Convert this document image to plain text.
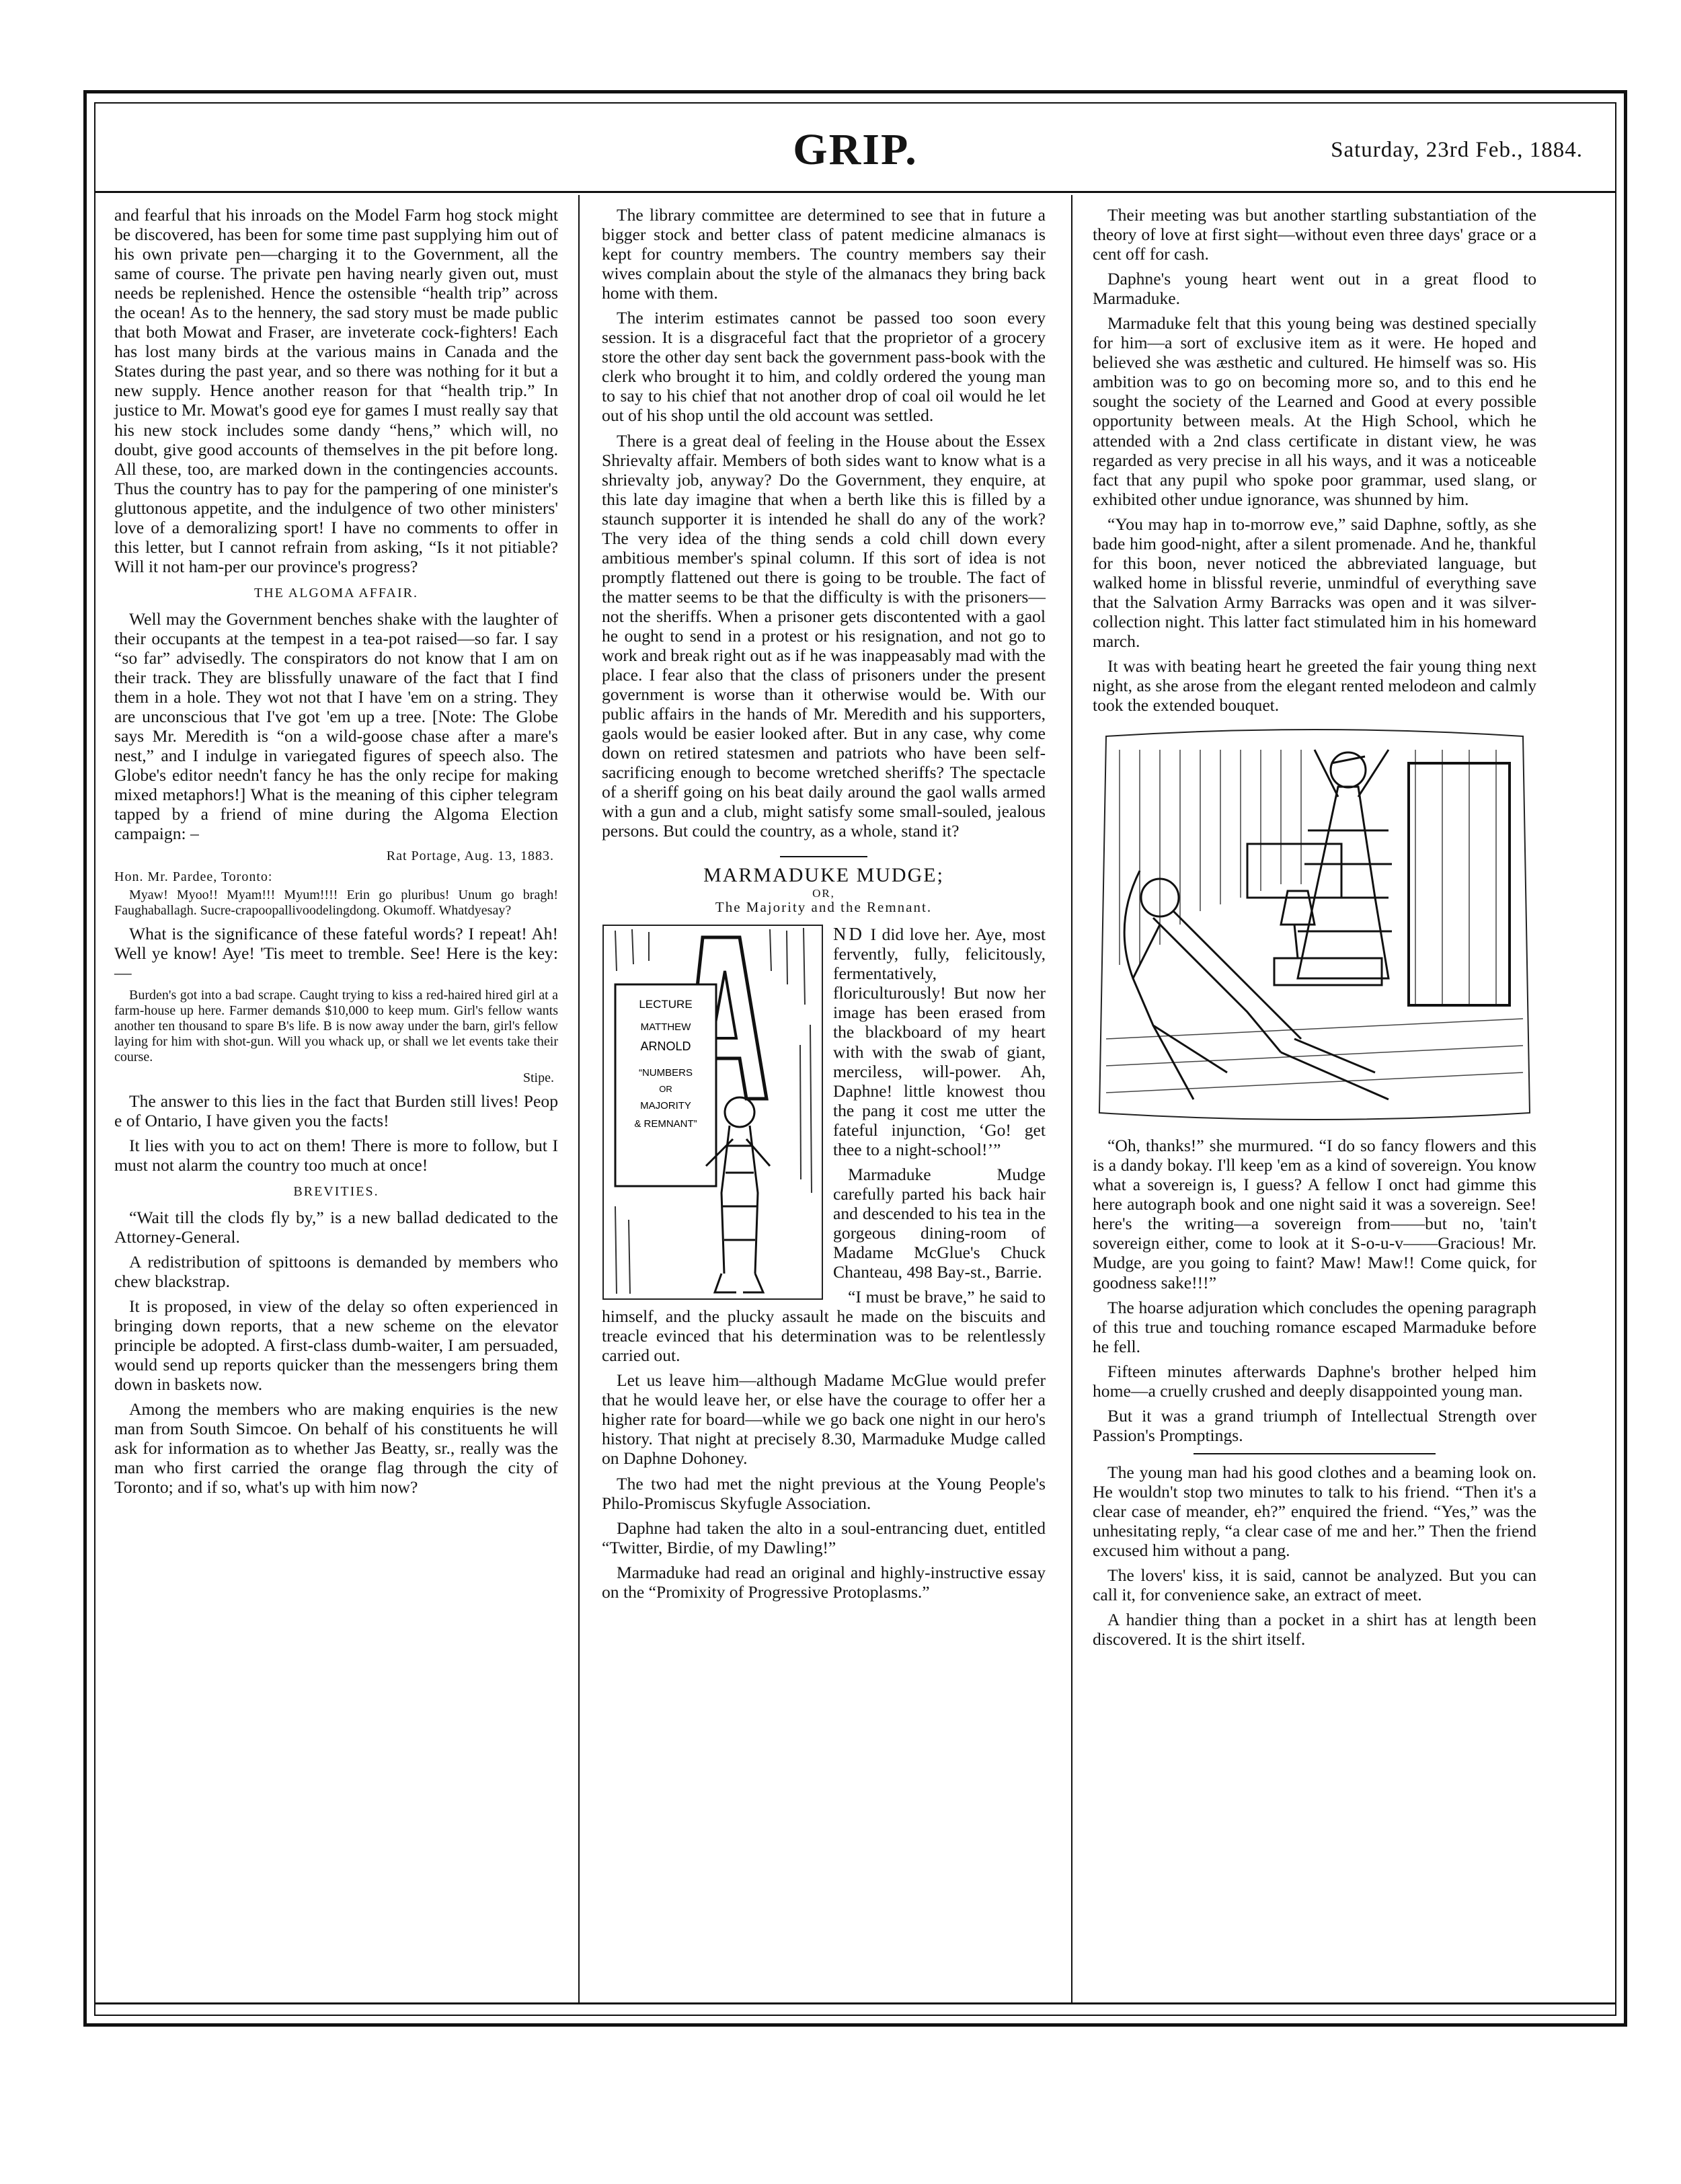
GRIP.	Saturday, 23rd Feb., 1884.

and fearful that his inroads on the Model Farm hog stock might be discovered, has been for some time past supplying him out of his own private pen—charging it to the Government, all the same of course. The private pen having nearly given out, must needs be replenished. Hence the ostensible “health trip” across the ocean! As to the hennery, the sad story must be made public that both Mowat and Fraser, are inveterate cock-fighters! Each has lost many birds at the various mains in Canada and the States during the past year, and so there was nothing for it but a new supply. Hence another reason for that “health trip.” In justice to Mr. Mowat's good eye for games I must really say that his new stock includes some dandy “hens,” which will, no doubt, give good accounts of themselves in the pit before long. All these, too, are marked down in the contingencies accounts. Thus the country has to pay for the pampering of one minister's gluttonous appetite, and the indulgence of two other ministers' love of a demoralizing sport! I have no comments to offer in this letter, but I cannot refrain from asking, “Is it not pitiable? Will it not ham-per our province's progress?

THE ALGOMA AFFAIR.

Well may the Government benches shake with the laughter of their occupants at the tempest in a tea-pot raised—so far. I say “so far” advisedly. The conspirators do not know that I am on their track. They are blissfully unaware of the fact that I find them in a hole. They wot not that I have 'em on a string. They are unconscious that I've got 'em up a tree. [Note: The Globe says Mr. Meredith is “on a wild-goose chase after a mare's nest,” and I indulge in variegated figures of speech also. The Globe's editor needn't fancy he has the only recipe for making mixed metaphors!] What is the meaning of this cipher telegram tapped by a friend of mine during the Algoma Election campaign: –

Rat Portage, Aug. 13, 1883.
Hon. Mr. Pardee, Toronto:

Myaw! Myoo!! Myam!!! Myum!!!! Erin go pluribus! Unum go bragh! Faughaballagh. Sucre-crapoopallivoodelingdong. Okumoff. Whatdyesay?

What is the significance of these fateful words? I repeat! Ah! Well ye know! Aye! 'Tis meet to tremble. See! Here is the key:—

Burden's got into a bad scrape. Caught trying to kiss a red-haired hired girl at a farm-house up here. Farmer demands $10,000 to keep mum. Girl's fellow wants another ten thousand to spare B's life. B is now away under the barn, girl's fellow laying for him with shot-gun. Will you whack up, or shall we let events take their course.

Stipe.

The answer to this lies in the fact that Burden still lives! Peop e of Ontario, I have given you the facts!

It lies with you to act on them! There is more to follow, but I must not alarm the country too much at once!

BREVITIES.

“Wait till the clods fly by,” is a new ballad dedicated to the Attorney-General.

A redistribution of spittoons is demanded by members who chew blackstrap.

It is proposed, in view of the delay so often experienced in bringing down reports, that a new scheme on the elevator principle be adopted. A first-class dumb-waiter, I am persuaded, would send up reports quicker than the messengers bring them down in baskets now.

Among the members who are making enquiries is the new man from South Simcoe. On behalf of his constituents he will ask for information as to whether Jas Beatty, sr., really was the man who first carried the orange flag through the city of Toronto; and if so, what's up with him now?

The library committee are determined to see that in future a bigger stock and better class of patent medicine almanacs is kept for country members. The country members say their wives complain about the style of the almanacs they bring back home with them.

The interim estimates cannot be passed too soon every session. It is a disgraceful fact that the proprietor of a grocery store the other day sent back the government pass-book with the clerk who brought it to him, and coldly ordered the young man to say to his chief that not another drop of coal oil would he let out of his shop until the old account was settled.

There is a great deal of feeling in the House about the Essex Shrievalty affair. Members of both sides want to know what is a shrievalty job, anyway? Do the Government, they enquire, at this late day imagine that when a berth like this is filled by a staunch supporter it is intended he shall do any of the work? The very idea of the thing sends a cold chill down every ambitious member's spinal column. If this sort of idea is not promptly flattened out there is going to be trouble. The fact of the matter seems to be that the difficulty is with the prisoners—not the sheriffs. When a prisoner gets discontented with a gaol he ought to send in a protest or his resignation, and not go to work and break right out as if he was inappeasably mad with the place. I fear also that the class of prisoners under the present government is worse than it otherwise would be. With our public affairs in the hands of Mr. Meredith and his supporters, gaols would be easier looked after. But in any case, why come down on retired statesmen and patriots who have been self-sacrificing enough to become wretched sheriffs? The spectacle of a sheriff going on his beat daily around the gaol walls armed with a gun and a club, might satisfy some small-souled, jealous persons. But could the country, as a whole, stand it?

MARMADUKE MUDGE;
OR,
The Majority and the Remnant.
LECTURE
MATTHEW
ARNOLD
“NUMBERS
OR
MAJORITY
& REMNANT”

ND I did love her. Aye, most fervently, fully, felicitously, fermentatively, floriculturously! But now her image has been erased from the blackboard of my heart with with the swab of giant, merciless, will-power. Ah, Daphne! little knowest thou the pang it cost me utter the fateful injunction, ‘Go! get thee to a night-school!’”

Marmaduke Mudge carefully parted his back hair and descended to his tea in the gorgeous dining-room of Madame McGlue's Chuck Chanteau, 498 Bay-st., Barrie.

“I must be brave,” he said to himself, and the plucky assault he made on the biscuits and treacle evinced that his determination was to be relentlessly carried out.

Let us leave him—although Madame McGlue would prefer that he would leave her, or else have the courage to offer her a higher rate for board—while we go back one night in our hero's history. That night at precisely 8.30, Marmaduke Mudge called on Daphne Dohoney.

The two had met the night previous at the Young People's Philo-Promiscus Skyfugle Association.

Daphne had taken the alto in a soul-entrancing duet, entitled “Twitter, Birdie, of my Dawling!”

Marmaduke had read an original and highly-instructive essay on the “Promixity of Progressive Protoplasms.”

Their meeting was but another startling substantiation of the theory of love at first sight—without even three days' grace or a cent off for cash.

Daphne's young heart went out in a great flood to Marmaduke.

Marmaduke felt that this young being was destined specially for him—a sort of exclusive item as it were. He hoped and believed she was æsthetic and cultured. He himself was so. His ambition was to go on becoming more so, and to this end he sought the society of the Learned and Good at every possible opportunity between meals. At the High School, which he attended with a 2nd class certificate in distant view, he was regarded as very precise in all his ways, and it was a noticeable fact that any pupil who spoke poor grammar, used slang, or exhibited other undue ignorance, was shunned by him.

“You may hap in to-morrow eve,” said Daphne, softly, as she bade him good-night, after a silent promenade. And he, thankful for this boon, never noticed the abbreviated language, but walked home in blissful reverie, unmindful of everything save that the Salvation Army Barracks was open and it was silver-collection night. This latter fact stimulated him in his homeward march.

It was with beating heart he greeted the fair young thing next night, as she arose from the elegant rented melodeon and calmly took the extended bouquet.

“Oh, thanks!” she murmured. “I do so fancy flowers and this is a dandy bokay. I'll keep 'em as a kind of sovereign. You know what a sovereign is, I guess? A fellow I onct had gimme this here autograph book and one night said it was a sovereign. See! here's the writing—a sovereign from——but no, 'tain't sovereign either, come to look at it S-o-u-v——Gracious! Mr. Mudge, are you going to faint? Maw! Maw!! Come quick, for goodness sake!!!”

The hoarse adjuration which concludes the opening paragraph of this true and touching romance escaped Marmaduke before he fell.

Fifteen minutes afterwards Daphne's brother helped him home—a cruelly crushed and deeply disappointed young man.

But it was a grand triumph of Intellectual Strength over Passion's Promptings.

The young man had his good clothes and a beaming look on. He wouldn't stop two minutes to talk to his friend. “Then it's a clear case of meander, eh?” enquired the friend. “Yes,” was the unhesitating reply, “a clear case of me and her.” Then the friend excused him without a pang.

The lovers' kiss, it is said, cannot be analyzed. But you can call it, for convenience sake, an extract of meet.

A handier thing than a pocket in a shirt has at length been discovered. It is the shirt itself.
